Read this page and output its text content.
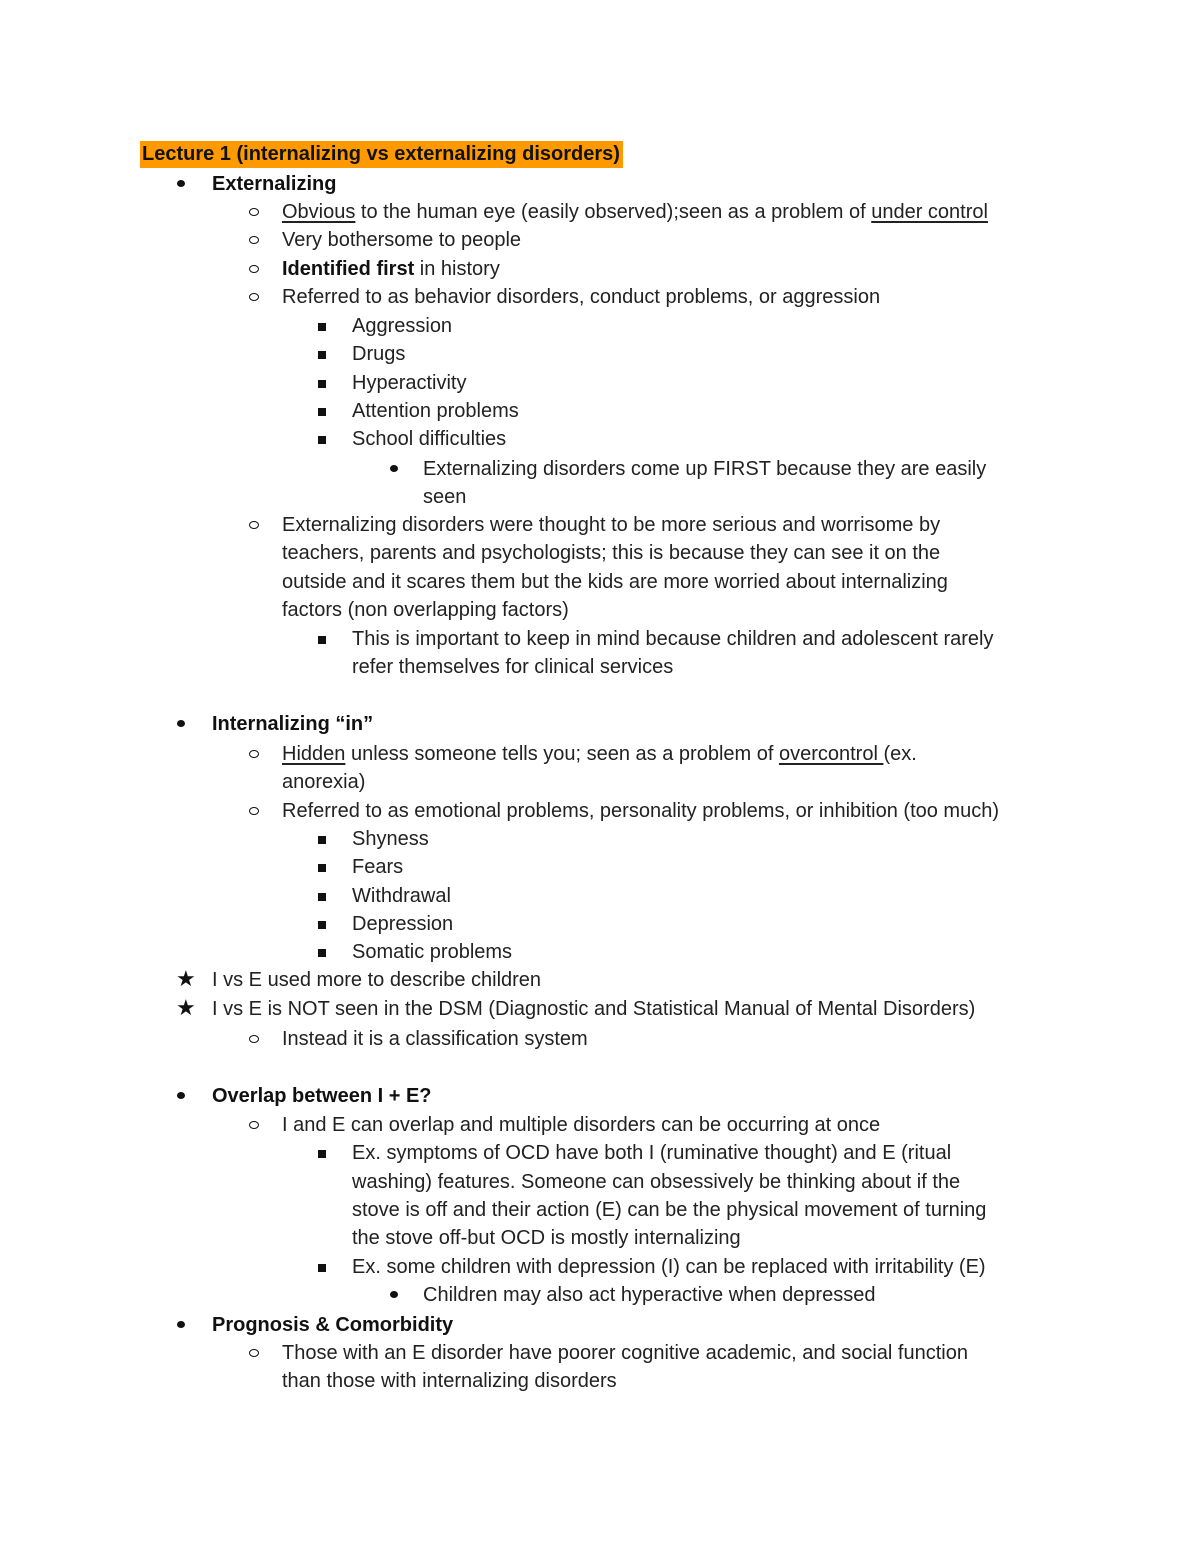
Lecture 1 (internalizing vs externalizing disorders)
Externalizing
Obvious to the human eye (easily observed);seen as a problem of under control
Very bothersome to people
Identified first in history
Referred to as behavior disorders, conduct problems, or aggression
Aggression
Drugs
Hyperactivity
Attention problems
School difficulties
Externalizing disorders come up FIRST because they are easily
seen
Externalizing disorders were thought to be more serious and worrisome by
teachers, parents and psychologists; this is because they can see it on the
outside and it scares them but the kids are more worried about internalizing
factors (non overlapping factors)
This is important to keep in mind because children and adolescent rarely
refer themselves for clinical services
Internalizing “in”
Hidden unless someone tells you; seen as a problem of overcontrol (ex.
anorexia)
Referred to as emotional problems, personality problems, or inhibition (too much)
Shyness
Fears
Withdrawal
Depression
Somatic problems
★ I vs E used more to describe children
★ I vs E is NOT seen in the DSM (Diagnostic and Statistical Manual of Mental Disorders)
Instead it is a classification system
Overlap between I + E?
I and E can overlap and multiple disorders can be occurring at once
Ex. symptoms of OCD have both I (ruminative thought) and E (ritual
washing) features. Someone can obsessively be thinking about if the
stove is off and their action (E) can be the physical movement of turning
the stove off-but OCD is mostly internalizing
Ex. some children with depression (I) can be replaced with irritability (E)
Children may also act hyperactive when depressed
Prognosis & Comorbidity
Those with an E disorder have poorer cognitive academic, and social function
than those with internalizing disorders
